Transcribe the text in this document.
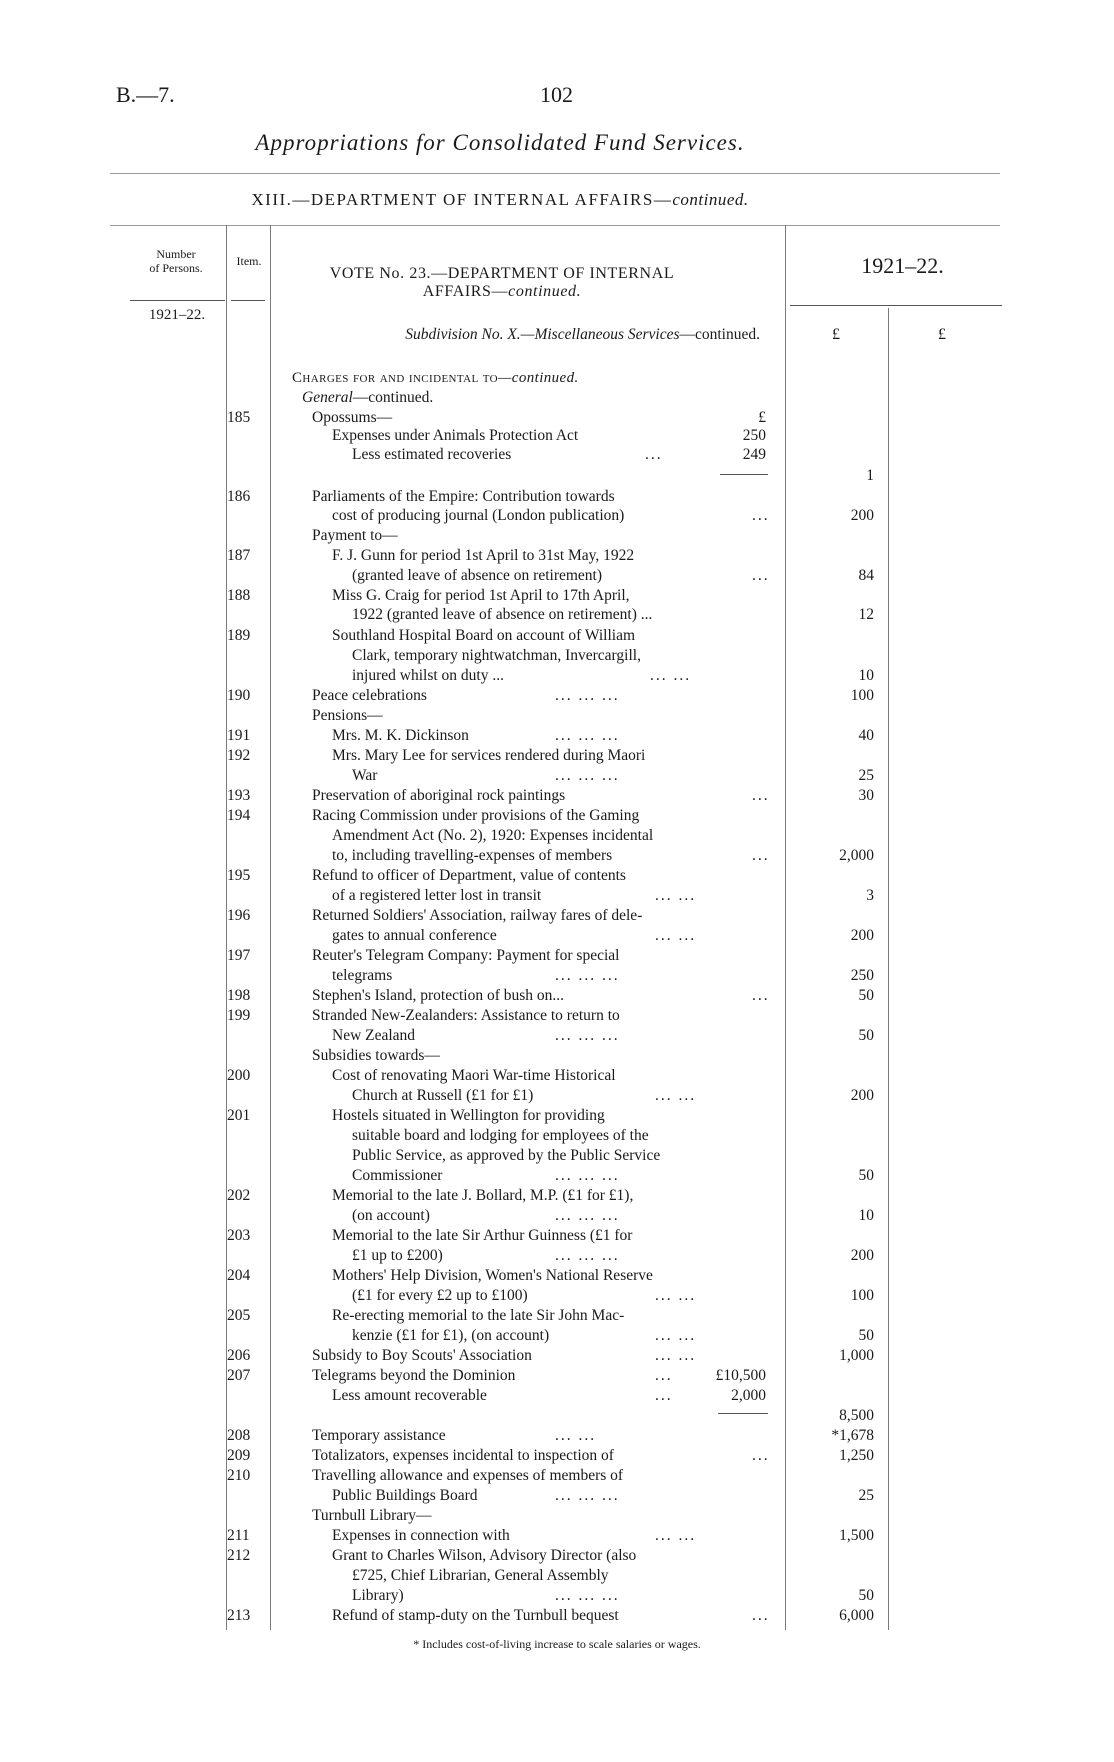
B.—7.	102
Appropriations for Consolidated Fund Services.
XIII.—DEPARTMENT OF INTERNAL AFFAIRS—continued.
Number
of Persons.
1921–22.
Item.
VOTE No. 23.—DEPARTMENT OF INTERNAL
AFFAIRS—continued.
1921–22.
Subdivision No. X.—Miscellaneous Services—continued.	£	£
Charges for and incidental to—continued.
General—continued.
185	Opossums—	£
Expenses under Animals Protection Act	250
Less estimated recoveries	...	249
1
186	Parliaments of the Empire: Contribution towards
cost of producing journal (London publication)	...	200
Payment to—
187	F. J. Gunn for period 1st April to 31st May, 1922
(granted leave of absence on retirement)	...	84
188	Miss G. Craig for period 1st April to 17th April,
1922 (granted leave of absence on retirement) ...	12
189	Southland Hospital Board on account of William
Clark, temporary nightwatchman, Invercargill,
injured whilst on duty ...	... ...	10
190	Peace celebrations	... ... ...	100
Pensions—
191	Mrs. M. K. Dickinson	... ... ...	40
192	Mrs. Mary Lee for services rendered during Maori
War	... ... ...	25
193	Preservation of aboriginal rock paintings	...	30
194	Racing Commission under provisions of the Gaming
Amendment Act (No. 2), 1920: Expenses incidental
to, including travelling-expenses of members	...	2,000
195	Refund to officer of Department, value of contents
of a registered letter lost in transit	... ...	3
196	Returned Soldiers' Association, railway fares of dele-
gates to annual conference	... ...	200
197	Reuter's Telegram Company: Payment for special
telegrams	... ... ...	250
198	Stephen's Island, protection of bush on...	...	50
199	Stranded New-Zealanders: Assistance to return to
New Zealand	... ... ...	50
Subsidies towards—
200	Cost of renovating Maori War-time Historical
Church at Russell (£1 for £1)	... ...	200
201	Hostels situated in Wellington for providing
suitable board and lodging for employees of the
Public Service, as approved by the Public Service
Commissioner	... ... ...	50
202	Memorial to the late J. Bollard, M.P. (£1 for £1),
(on account)	... ... ...	10
203	Memorial to the late Sir Arthur Guinness (£1 for
£1 up to £200)	... ... ...	200
204	Mothers' Help Division, Women's National Reserve
(£1 for every £2 up to £100)	... ...	100
205	Re-erecting memorial to the late Sir John Mac-
kenzie (£1 for £1), (on account)	... ...	50
206	Subsidy to Boy Scouts' Association	... ...	1,000
207	Telegrams beyond the Dominion	...	£10,500
Less amount recoverable	...	2,000
8,500
208	Temporary assistance	... ...	*1,678
209	Totalizators, expenses incidental to inspection of	...	1,250
210	Travelling allowance and expenses of members of
Public Buildings Board	... ... ...	25
Turnbull Library—
211	Expenses in connection with	... ...	1,500
212	Grant to Charles Wilson, Advisory Director (also
£725, Chief Librarian, General Assembly
Library)	... ... ...	50
213	Refund of stamp-duty on the Turnbull bequest	...	6,000
* Includes cost-of-living increase to scale salaries or wages.
